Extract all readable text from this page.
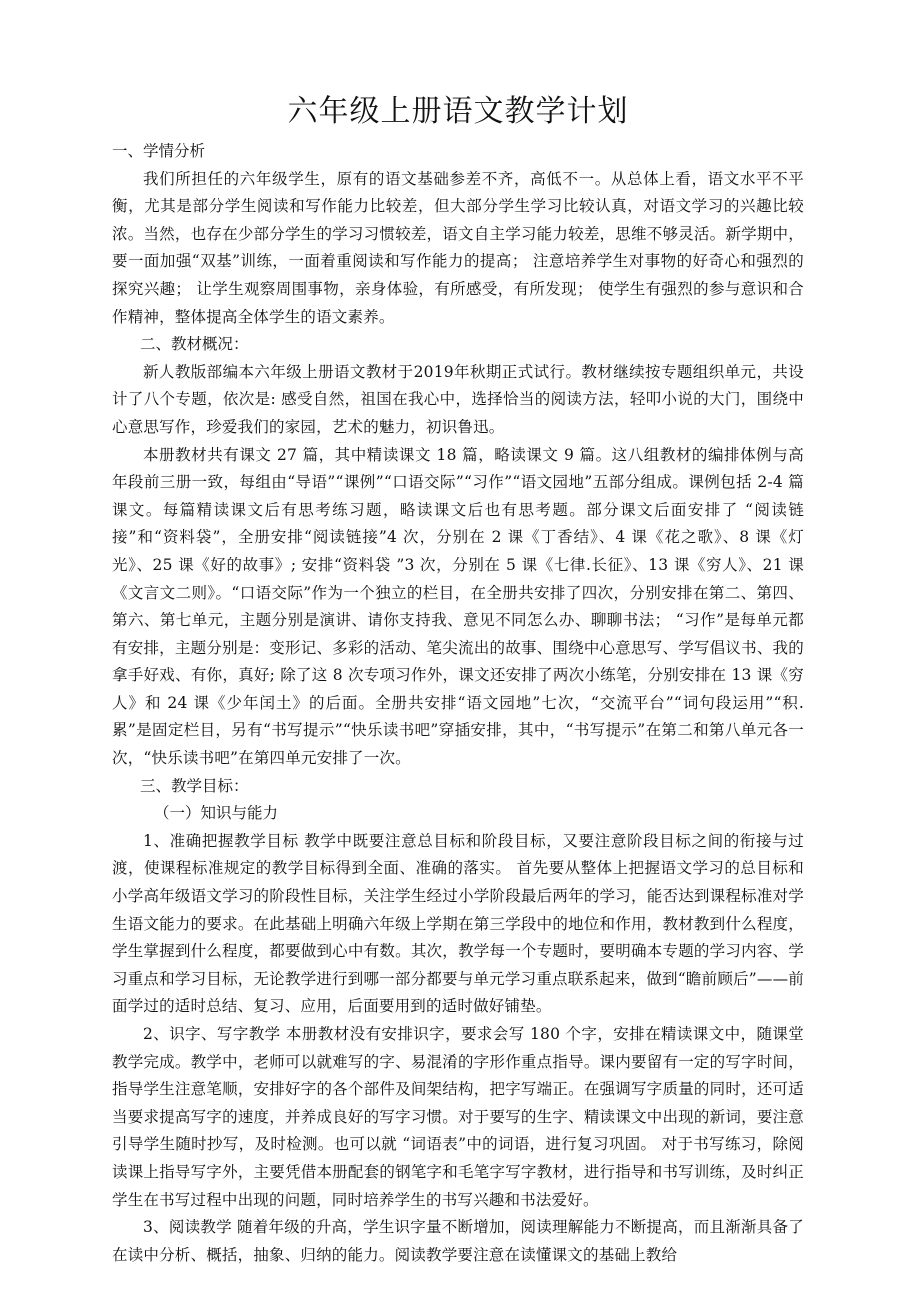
六年级上册语文教学计划

一、学情分析

我们所担任的六年级学生，原有的语文基础参差不齐，高低不一。从总体上看，语文水平不平衡，尤其是部分学生阅读和写作能力比较差，但大部分学生学习比较认真，对语文学习的兴趣比较浓。当然，也存在少部分学生的学习习惯较差，语文自主学习能力较差，思维不够灵活。新学期中，要一面加强“双基”训练，一面着重阅读和写作能力的提高； 注意培养学生对事物的好奇心和强烈的探究兴趣； 让学生观察周围事物，亲身体验，有所感受，有所发现； 使学生有强烈的参与意识和合作精神，整体提高全体学生的语文素养。

二、教材概况：

新人教版部编本六年级上册语文教材于2019年秋期正式试行。教材继续按专题组织单元，共设计了八个专题，依次是: 感受自然，祖国在我心中，选择恰当的阅读方法，轻叩小说的大门，围绕中心意思写作，珍爱我们的家园，艺术的魅力，初识鲁迅。

本册教材共有课文 27 篇，其中精读课文 18 篇，略读课文 9 篇。这八组教材的编排体例与高年段前三册一致，每组由“导语”“课例”“口语交际”“习作”“语文园地”五部分组成。课例包括 2-4 篇课文。每篇精读课文后有思考练习题，略读课文后也有思考题。部分课文后面安排了 “阅读链接”和“资料袋”，全册安排“阅读链接”4 次，分别在 2 课《丁香结》、4 课《花之歌》、8 课《灯光》、25 课《好的故事》; 安排“资料袋 ”3 次，分别在 5 课《七律.长征》、13 课《穷人》、21 课《文言文二则》。“口语交际”作为一个独立的栏目，在全册共安排了四次，分别安排在第二、第四、第六、第七单元，主题分别是演讲、请你支持我、意见不同怎么办、聊聊书法； “习作”是每单元都有安排，主题分别是：变形记、多彩的活动、笔尖流出的故事、围绕中心意思写、学写倡议书、我的拿手好戏、有你，真好; 除了这 8 次专项习作外，课文还安排了两次小练笔，分别安排在 13 课《穷人》和 24 课《少年闰土》的后面。全册共安排“语文园地”七次，“交流平台”“词句段运用”“积.累”是固定栏目，另有“书写提示”“快乐读书吧”穿插安排，其中，“书写提示”在第二和第八单元各一次，“快乐读书吧”在第四单元安排了一次。

三、教学目标：

（一）知识与能力

1、准确把握教学目标 教学中既要注意总目标和阶段目标，又要注意阶段目标之间的衔接与过渡，使课程标准规定的教学目标得到全面、准确的落实。 首先要从整体上把握语文学习的总目标和小学高年级语文学习的阶段性目标，关注学生经过小学阶段最后两年的学习，能否达到课程标准对学生语文能力的要求。在此基础上明确六年级上学期在第三学段中的地位和作用，教材教到什么程度，学生掌握到什么程度，都要做到心中有数。其次，教学每一个专题时，要明确本专题的学习内容、学习重点和学习目标，无论教学进行到哪一部分都要与单元学习重点联系起来，做到“瞻前顾后”——前面学过的适时总结、复习、应用，后面要用到的适时做好铺垫。

2、识字、写字教学 本册教材没有安排识字，要求会写 180 个字，安排在精读课文中，随课堂教学完成。教学中，老师可以就难写的字、易混淆的字形作重点指导。课内要留有一定的写字时间，指导学生注意笔顺，安排好字的各个部件及间架结构，把字写端正。在强调写字质量的同时，还可适当要求提高写字的速度，并养成良好的写字习惯。对于要写的生字、精读课文中出现的新词，要注意引导学生随时抄写，及时检测。也可以就 “词语表”中的词语，进行复习巩固。 对于书写练习，除阅读课上指导写字外，主要凭借本册配套的钢笔字和毛笔字写字教材，进行指导和书写训练，及时纠正学生在书写过程中出现的问题，同时培养学生的书写兴趣和书法爱好。

3、阅读教学 随着年级的升高，学生识字量不断增加，阅读理解能力不断提高，而且渐渐具备了在读中分析、概括，抽象、归纳的能力。阅读教学要注意在读懂课文的基础上教给
